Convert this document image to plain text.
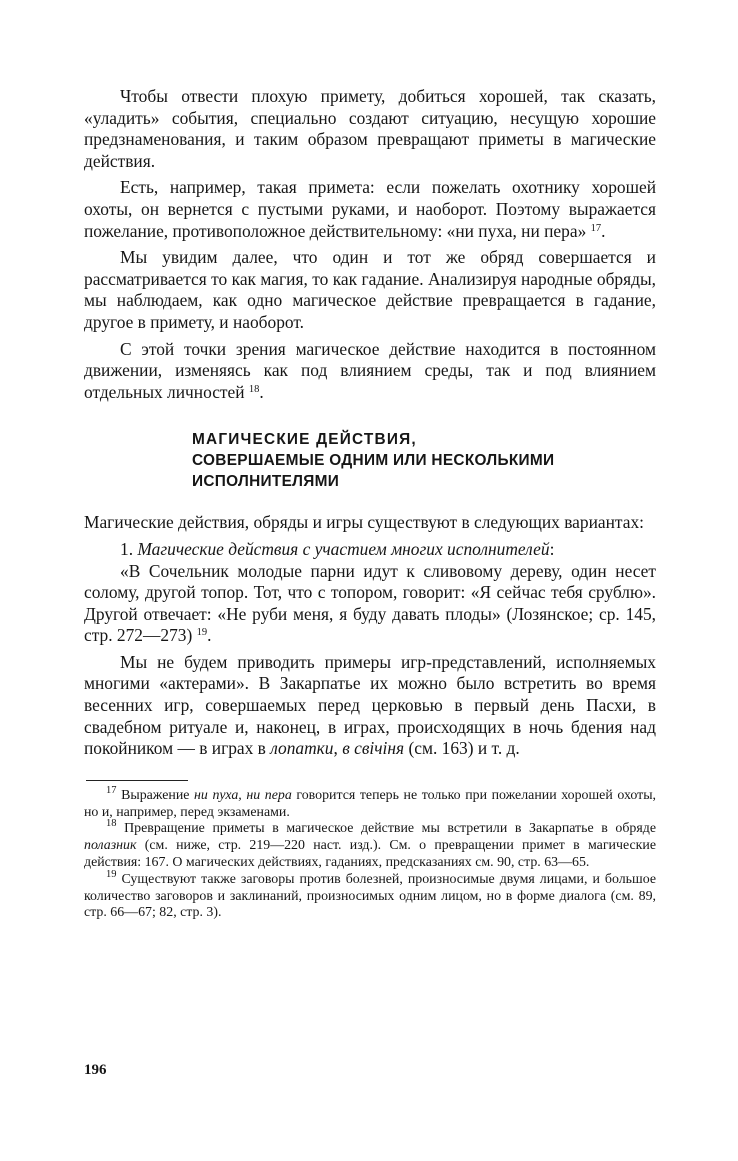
Чтобы отвести плохую примету, добиться хорошей, так сказать, «уладить» события, специально создают ситуацию, несущую хорошие предзнаменования, и таким образом превращают приметы в магические действия.

Есть, например, такая примета: если пожелать охотнику хорошей охоты, он вернется с пустыми руками, и наоборот. Поэтому выражается пожелание, противоположное действительному: «ни пуха, ни пера» $^{17}$.

Мы увидим далее, что один и тот же обряд совершается и рассматривается то как магия, то как гадание. Анализируя народные обряды, мы наблюдаем, как одно магическое действие превращается в гадание, другое в примету, и наоборот.

С этой точки зрения магическое действие находится в постоянном движении, изменяясь как под влиянием среды, так и под влиянием отдельных личностей $^{18}$.

МАГИЧЕСКИЕ ДЕЙСТВИЯ,
СОВЕРШАЕМЫЕ ОДНИМ ИЛИ НЕСКОЛЬКИМИ
ИСПОЛНИТЕЛЯМИ

Магические действия, обряды и игры существуют в следующих вариантах:

1. Магические действия с участием многих исполнителей:

«В Сочельник молодые парни идут к сливовому дереву, один несет солому, другой топор. Тот, что с топором, говорит: «Я сейчас тебя срублю». Другой отвечает: «Не руби меня, я буду давать плоды» (Лозянское; ср. 145, стр. 272—273) $^{19}$.

Мы не будем приводить примеры игр-представлений, исполняемых многими «актерами». В Закарпатье их можно было встретить во время весенних игр, совершаемых перед церковью в первый день Пасхи, в свадебном ритуале и, наконец, в играх, происходящих в ночь бдения над покойником — в играх в лопатки, в свічіня (см. 163) и т. д.

$^{17}$ Выражение ни пуха, ни пера говорится теперь не только при пожелании хорошей охоты, но и, например, перед экзаменами.

$^{18}$ Превращение приметы в магическое действие мы встретили в Закарпатье в обряде полазник (см. ниже, стр. 219—220 наст. изд.). См. о превращении примет в магические действия: 167. О магических действиях, гаданиях, предсказаниях см. 90, стр. 63—65.

$^{19}$ Существуют также заговоры против болезней, произносимые двумя лицами, и большое количество заговоров и заклинаний, произносимых одним лицом, но в форме диалога (см. 89, стр. 66—67; 82, стр. 3).

196
